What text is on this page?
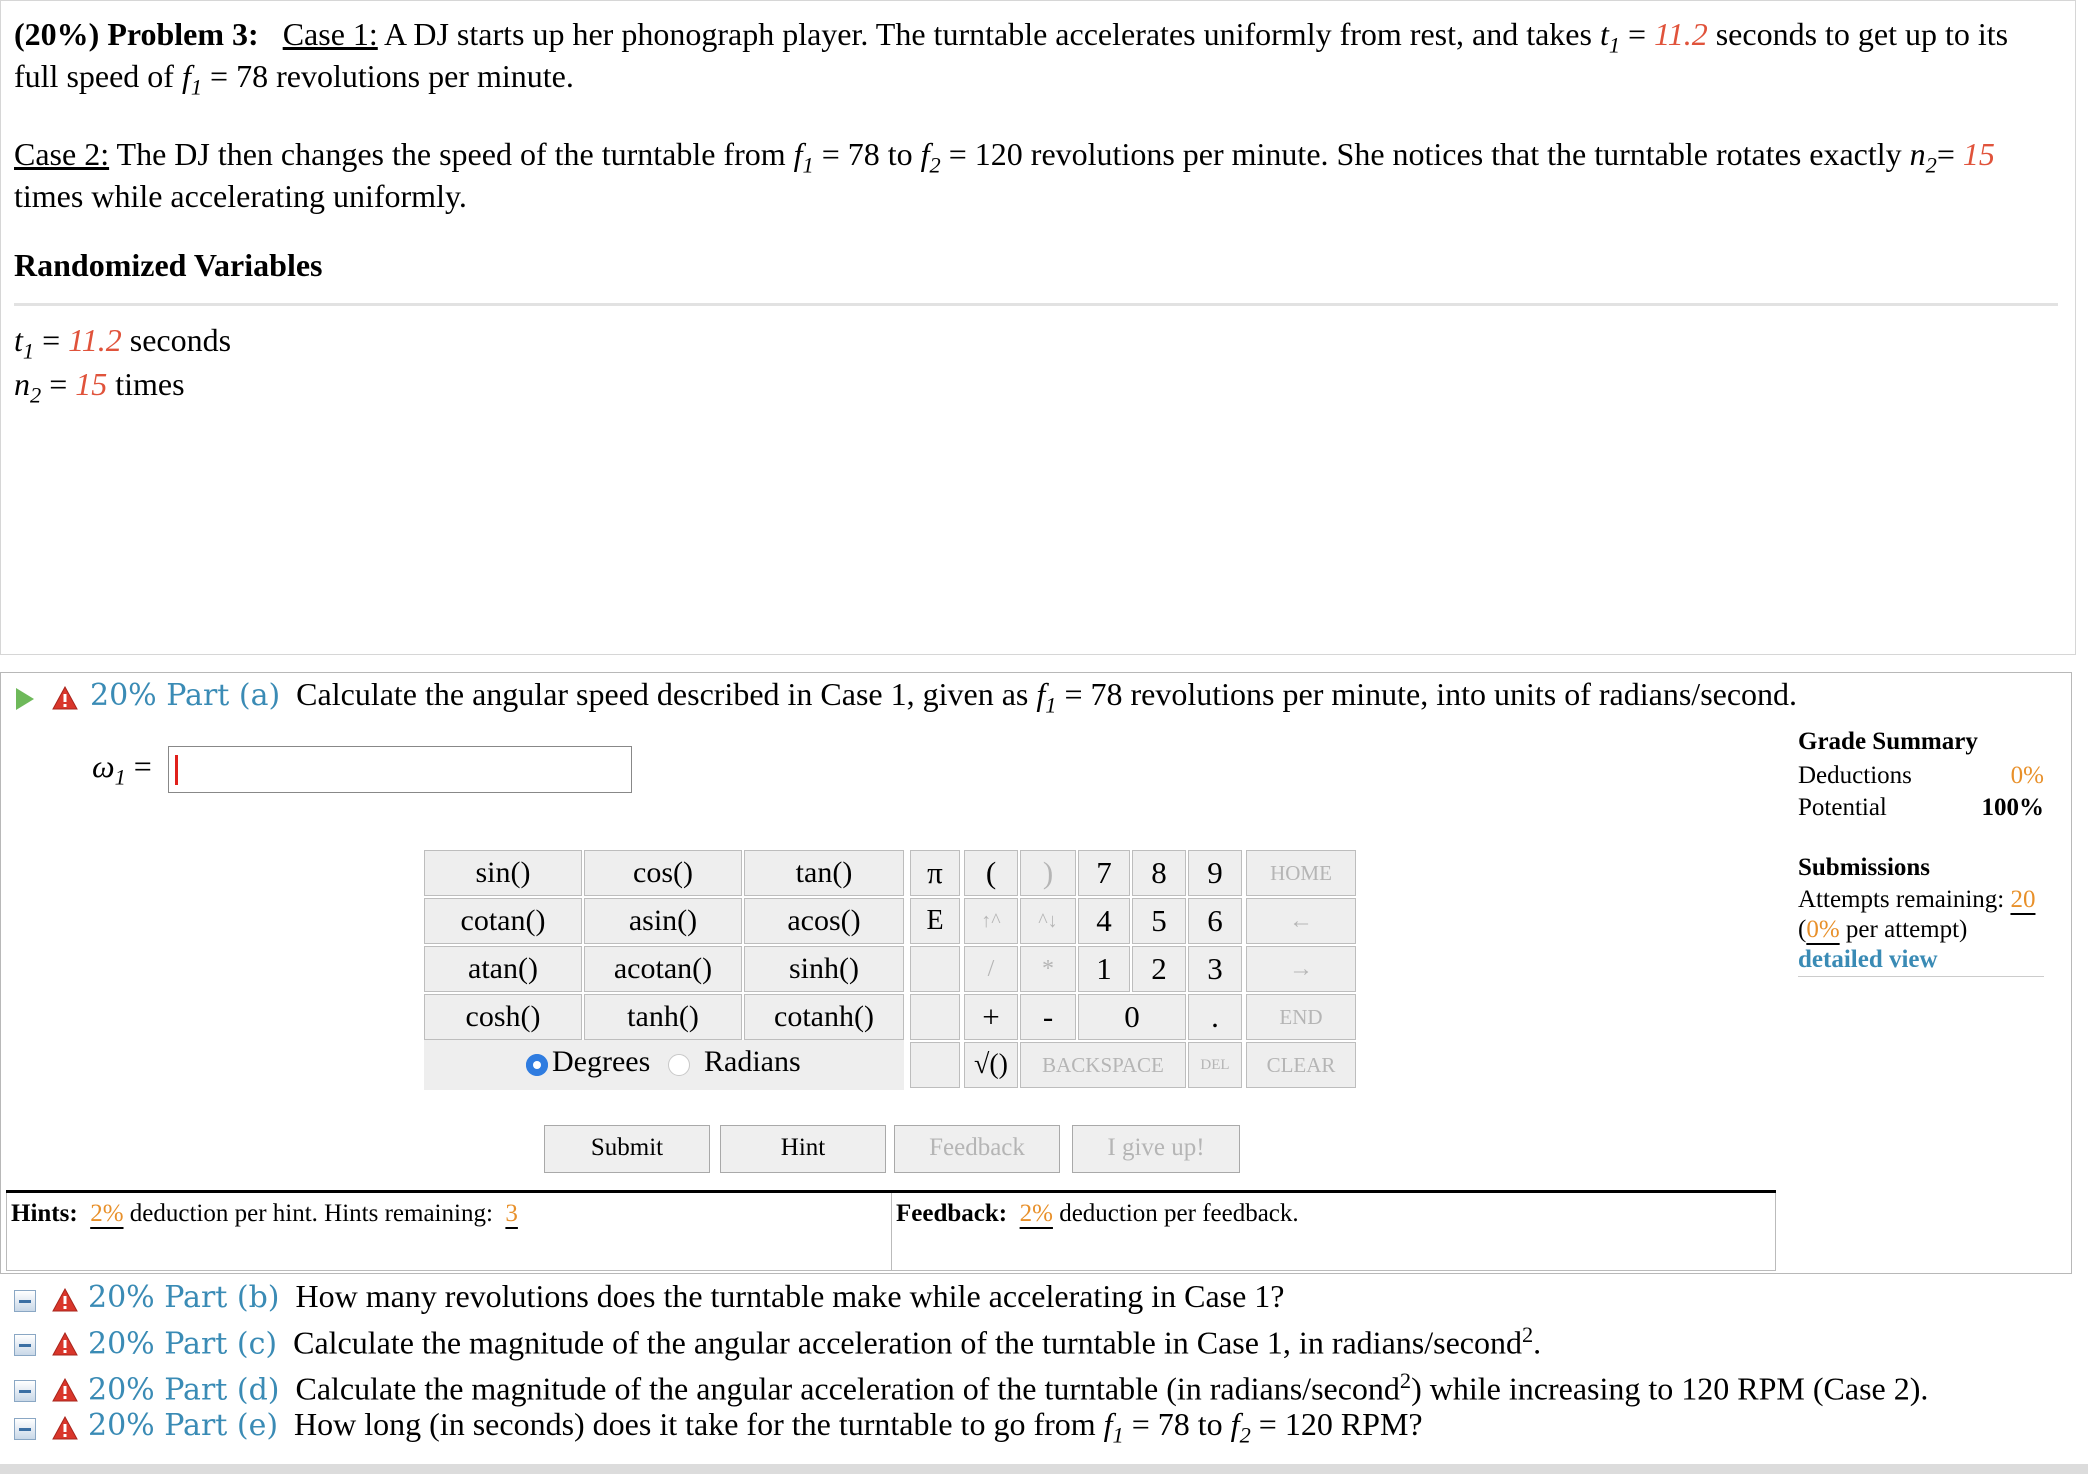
(20%) Problem 3: Case 1: A DJ starts up her phonograph player. The turntable accelerates uniformly from rest, and takes $t_1 = 11.2$ seconds to get up to its
full speed of $f_1 = 78$ revolutions per minute.
Case 2: The DJ then changes the speed of the turntable from $f_1 = 78$ to $f_2 = 120$ revolutions per minute. She notices that the turntable rotates exactly $n_2= 15$
times while accelerating uniformly.
Randomized Variables
$t_1 = 11.2$ seconds
$n_2 = 15$ times
20% Part (a) Calculate the angular speed described in Case 1, given as $f_1 = 78$ revolutions per minute, into units of radians/second.
$\omega_1$ =
sin()	cos()	tan()
cotan()	asin()	acos()
atan()	acotan()	sinh()
cosh()	tanh()	cotanh()
Degrees Radians
π	(	)	7	8	9	HOME
E	↑^	^↓	4	5	6	←
/	*	1	2	3	→
+	-	0	.	END
√()	BACKSPACE	DEL	CLEAR
Submit	Hint	Feedback	I give up!
Hints: 2% deduction per hint. Hints remaining:  3	Feedback: 2% deduction per feedback.
Grade Summary
Deductions	0%
Potential	100%
Submissions
Attempts remaining: 20
(0% per attempt)
detailed view
20% Part (b) How many revolutions does the turntable make while accelerating in Case 1?
20% Part (c) Calculate the magnitude of the angular acceleration of the turntable in Case 1, in radians/second$^2$.
20% Part (d) Calculate the magnitude of the angular acceleration of the turntable (in radians/second$^2$) while increasing to 120 RPM (Case 2).
20% Part (e) How long (in seconds) does it take for the turntable to go from $f_1 = 78$ to $f_2 = 120$ RPM?
